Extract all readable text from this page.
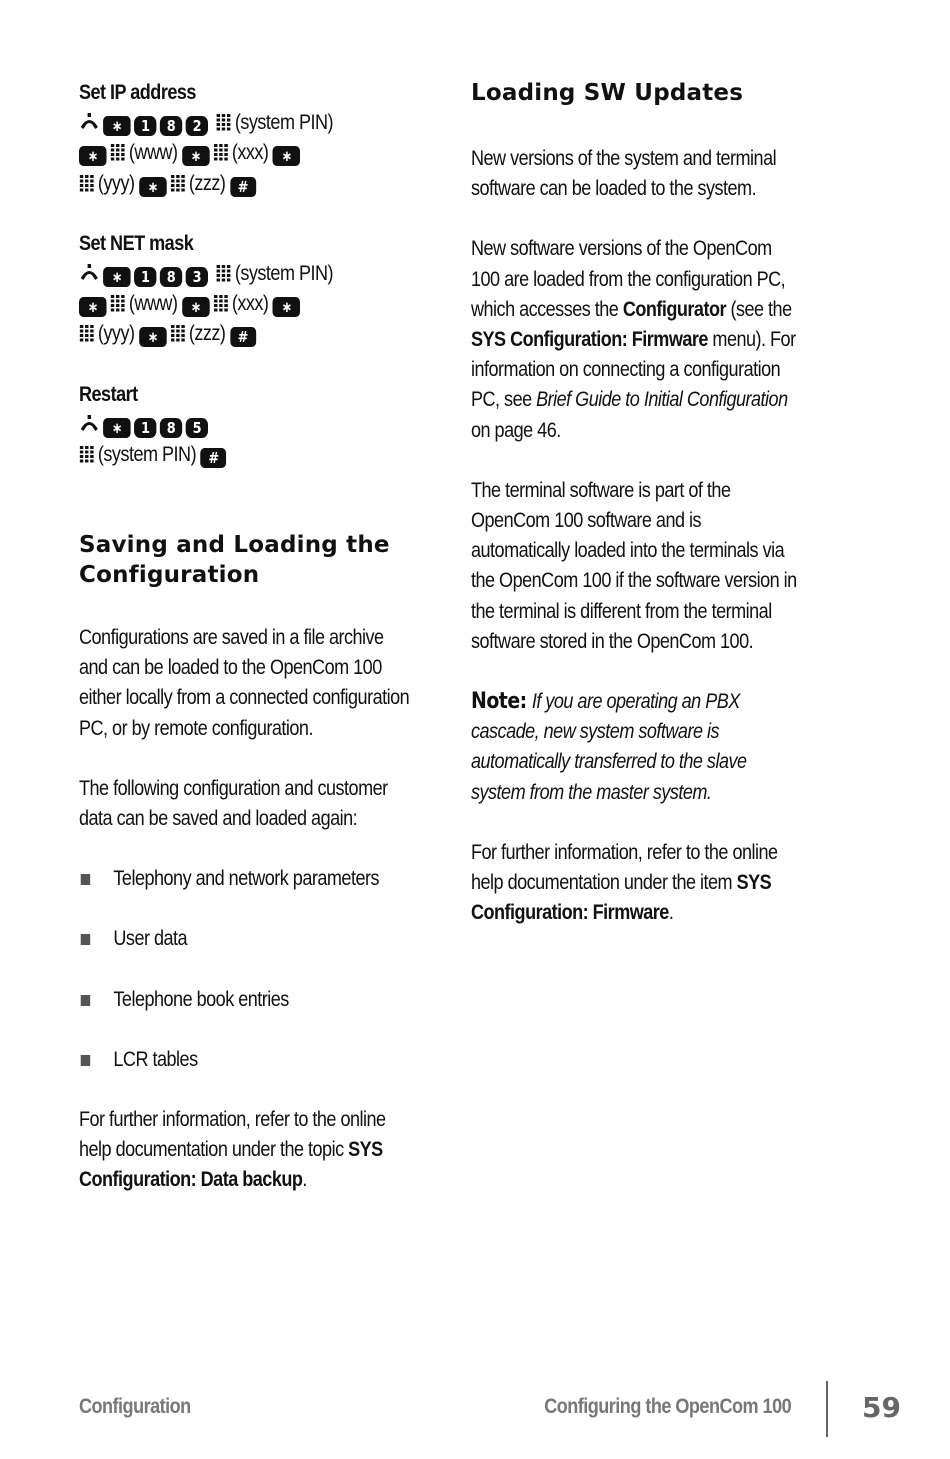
Set IP address

∗ 1 8 2 (system PIN)

∗ (www) ∗ (xxx) ∗

(yyy) ∗ (zzz) #

Set NET mask

∗ 1 8 3 (system PIN)

∗ (www) ∗ (xxx) ∗

(yyy) ∗ (zzz) #

Restart

∗ 1 8 5

(system PIN) #

Saving and Loading the
Configuration

Configurations are saved in a file archive and can be loaded to the OpenCom 100 either locally from a connected configuration PC, or by remote configuration.

The following configuration and customer data can be saved and loaded again:

Telephony and network parameters
User data
Telephone book entries
LCR tables

For further information, refer to the online help documentation under the topic SYS Configuration: Data backup.

Loading SW Updates

New versions of the system and terminal software can be loaded to the system.

New software versions of the OpenCom 100 are loaded from the configuration PC, which accesses the Configurator (see the SYS Configuration: Firmware menu). For information on connecting a configuration PC, see Brief Guide to Initial Configuration on page 46.

The terminal software is part of the OpenCom 100 software and is automatically loaded into the terminals via the OpenCom 100 if the software version in the terminal is different from the terminal software stored in the OpenCom 100.

Note: If you are operating an PBX cascade, new system software is automatically transferred to the slave system from the master system.

For further information, refer to the online help documentation under the item SYS Configuration: Firmware.

Configuration	Configuring the OpenCom 100	59
